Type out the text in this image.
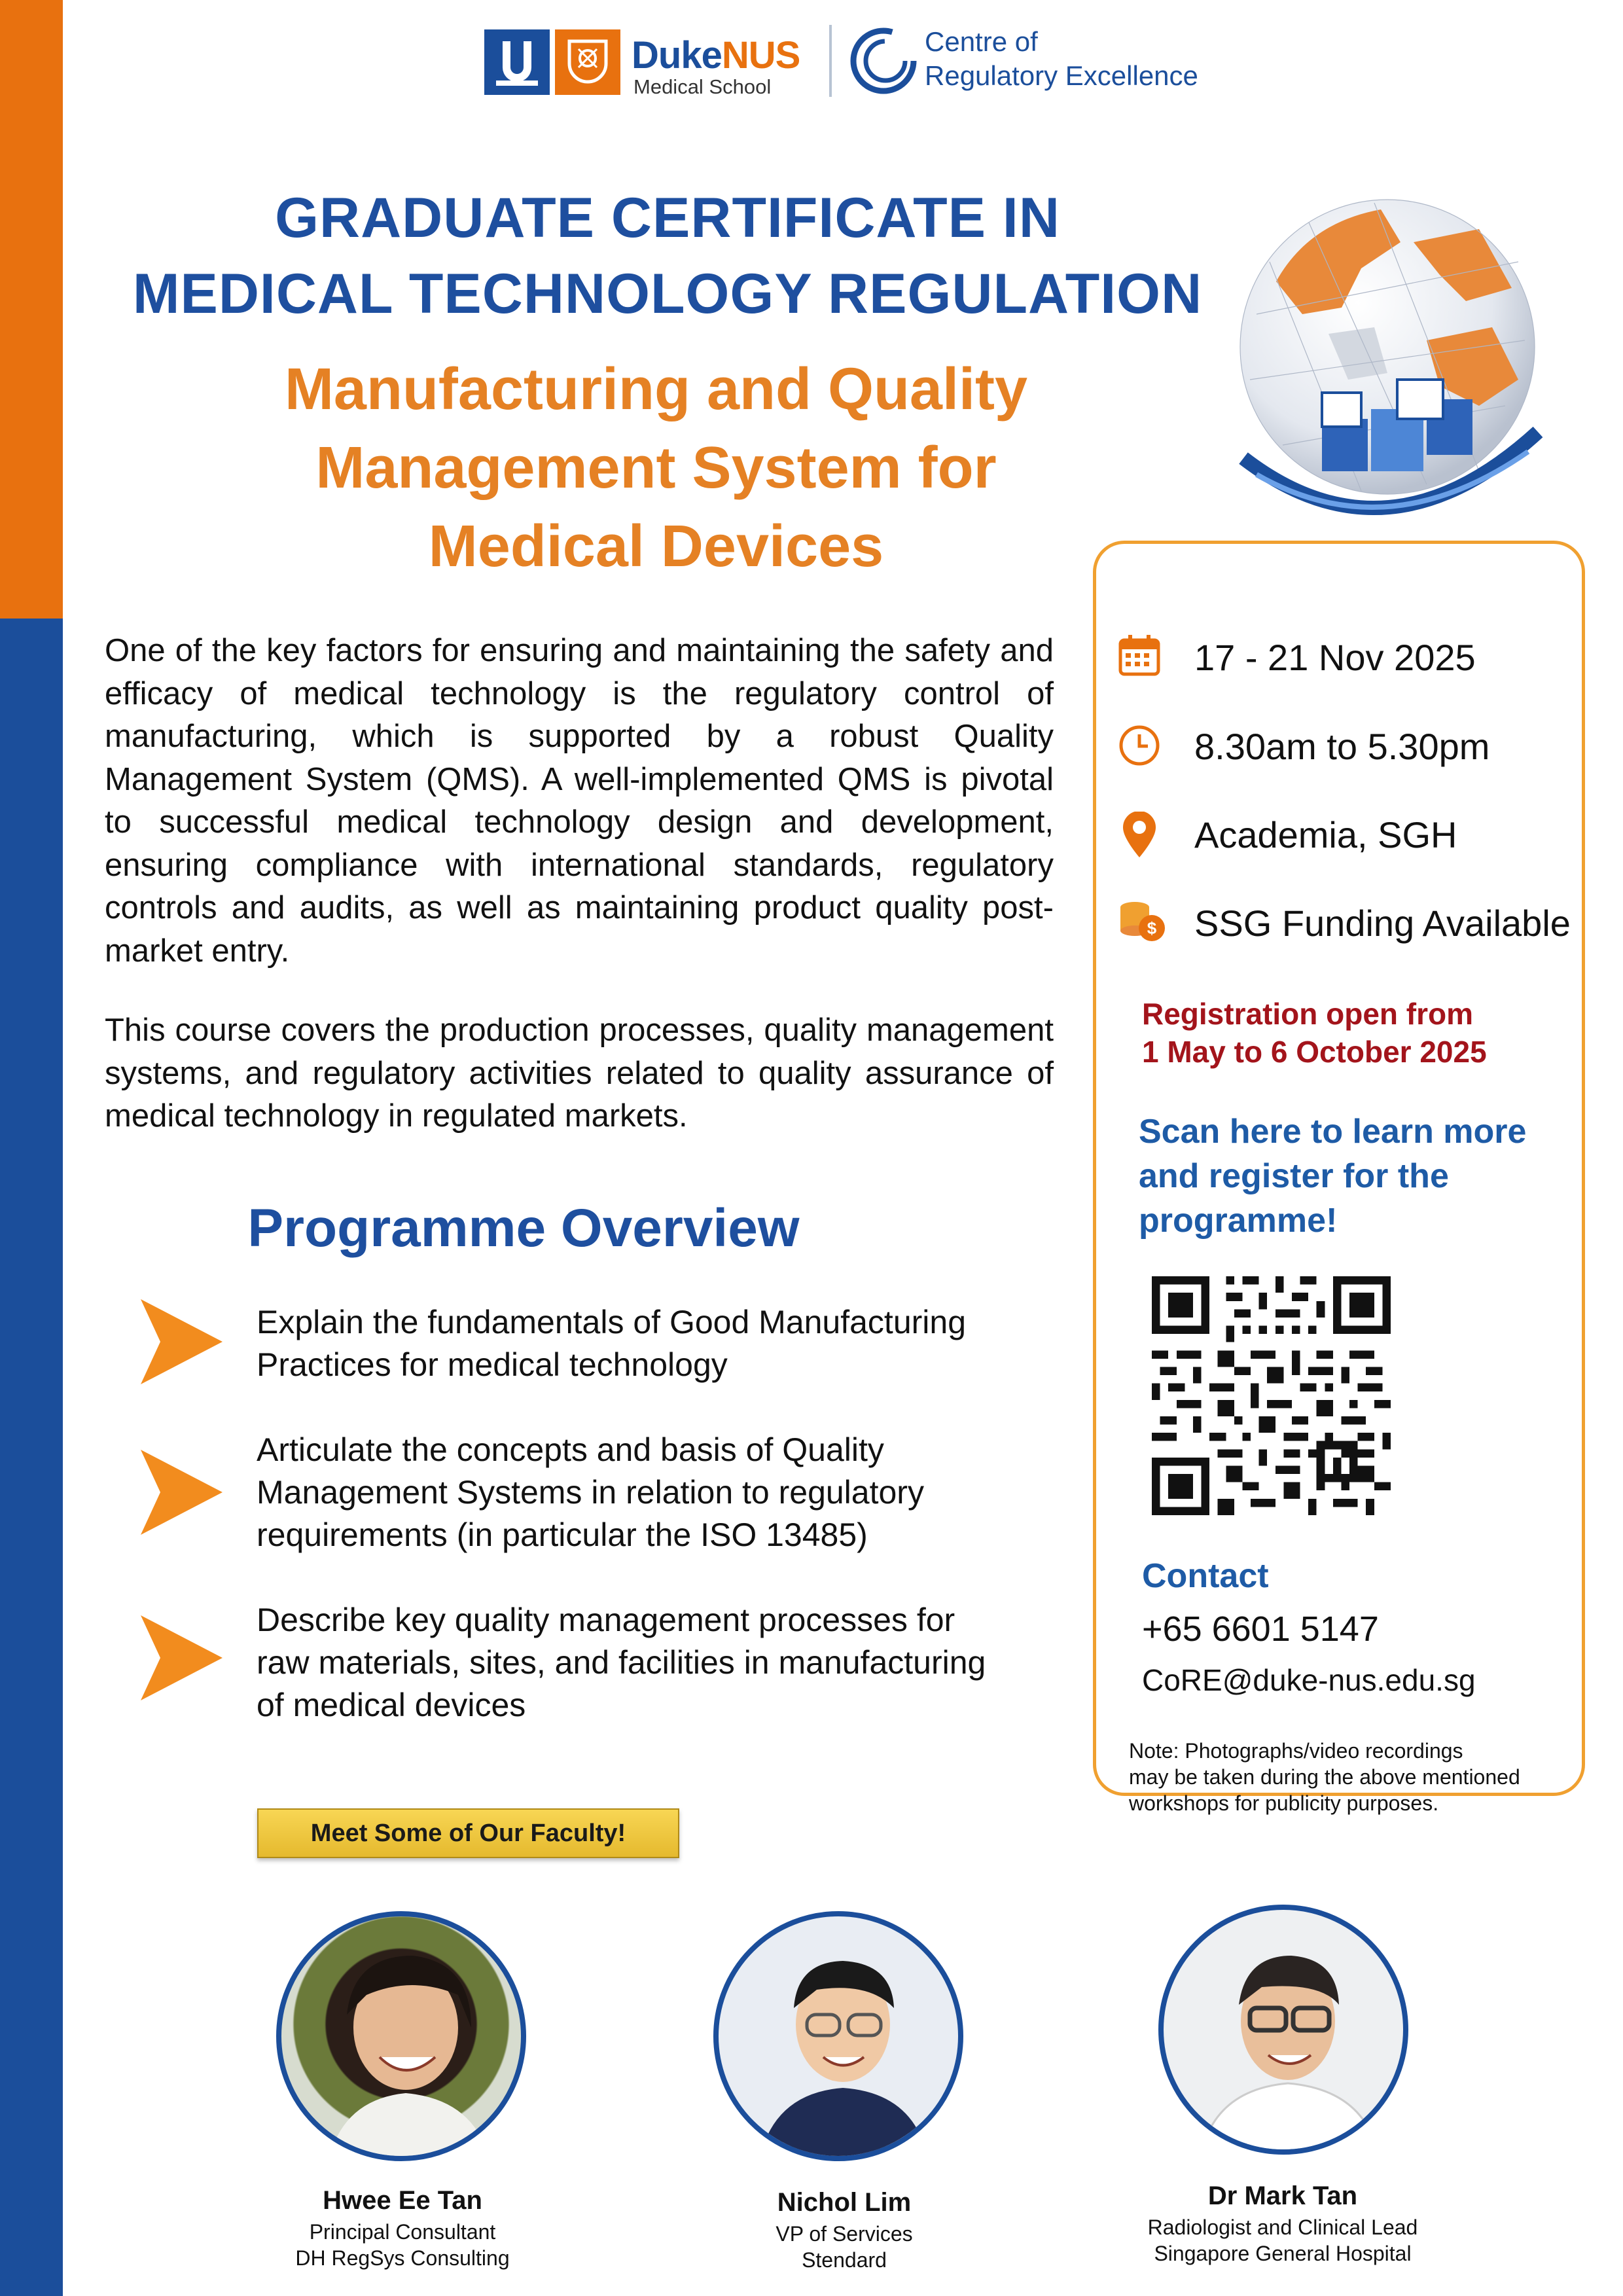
DukeNUS
Medical School
Centre of
Regulatory Excellence
GRADUATE CERTIFICATE IN
MEDICAL TECHNOLOGY REGULATION
Manufacturing and Quality
Management System for
Medical Devices
One of the key factors for ensuring and maintaining the safety and efficacy of medical technology is the regulatory control of manufacturing, which is supported by a robust Quality Management System (QMS). A well-implemented QMS is pivotal to successful medical technology design and development, ensuring compliance with international standards, regulatory controls and audits, as well as maintaining product quality post-market entry.
This course covers the production processes, quality management systems, and regulatory activities related to quality assurance of medical technology in regulated markets.
Programme Overview
Explain the fundamentals of Good Manufacturing
Practices for medical technology
Articulate the concepts and basis of Quality
Management Systems in relation to regulatory
requirements (in particular the ISO 13485)
Describe key quality management processes for
raw materials, sites, and facilities in manufacturing
of medical devices
Meet Some of Our Faculty!
Hwee Ee Tan
Principal Consultant
DH RegSys Consulting
Nichol Lim
VP of Services
Stendard
Dr Mark Tan
Radiologist and Clinical Lead
Singapore General Hospital
17 - 21 Nov 2025
8.30am to 5.30pm
Academia, SGH
$ SSG Funding Available
Registration open from
1 May to 6 October 2025
Scan here to learn more
and register for the
programme!
Contact
+65 6601 5147
CoRE@duke-nus.edu.sg
Note: Photographs/video recordings
may be taken during the above mentioned
workshops for publicity purposes.
